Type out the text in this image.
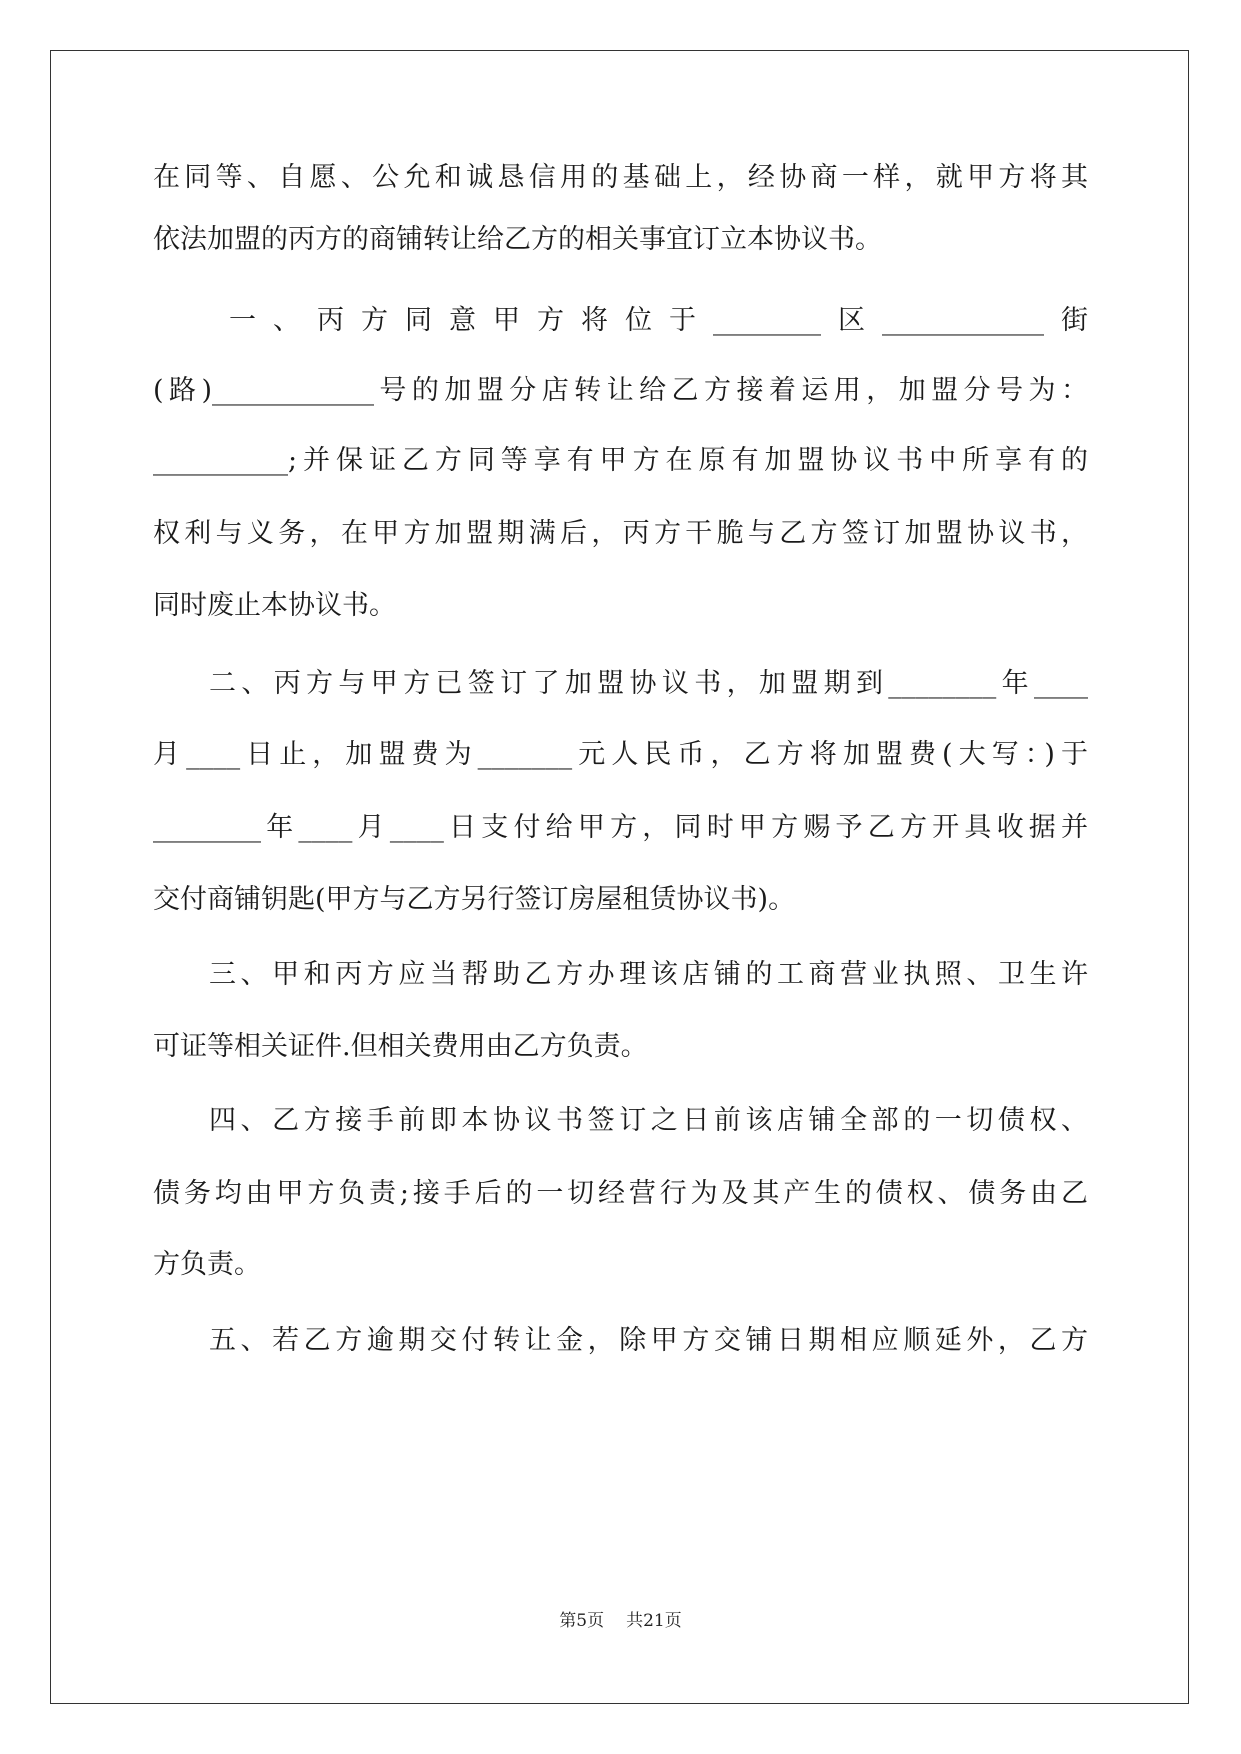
在同等、自愿、公允和诚恳信用的基础上，经协商一样，就甲方将其
依法加盟的丙方的商铺转让给乙方的相关事宜订立本协议书。
一、丙方同意甲方将位于________区____________街
(路)____________号的加盟分店转让给乙方接着运用，加盟分号为：
__________;并保证乙方同等享有甲方在原有加盟协议书中所享有的
权利与义务，在甲方加盟期满后，丙方干脆与乙方签订加盟协议书，
同时废止本协议书。
二、丙方与甲方已签订了加盟协议书，加盟期到________年____
月____日止，加盟费为_______元人民币，乙方将加盟费(大写：)于
________年____月____日支付给甲方，同时甲方赐予乙方开具收据并
交付商铺钥匙(甲方与乙方另行签订房屋租赁协议书)。
三、甲和丙方应当帮助乙方办理该店铺的工商营业执照、卫生许
可证等相关证件.但相关费用由乙方负责。
四、乙方接手前即本协议书签订之日前该店铺全部的一切债权、
债务均由甲方负责;接手后的一切经营行为及其产生的债权、债务由乙
方负责。
五、若乙方逾期交付转让金，除甲方交铺日期相应顺延外，乙方
第5页 共21页
